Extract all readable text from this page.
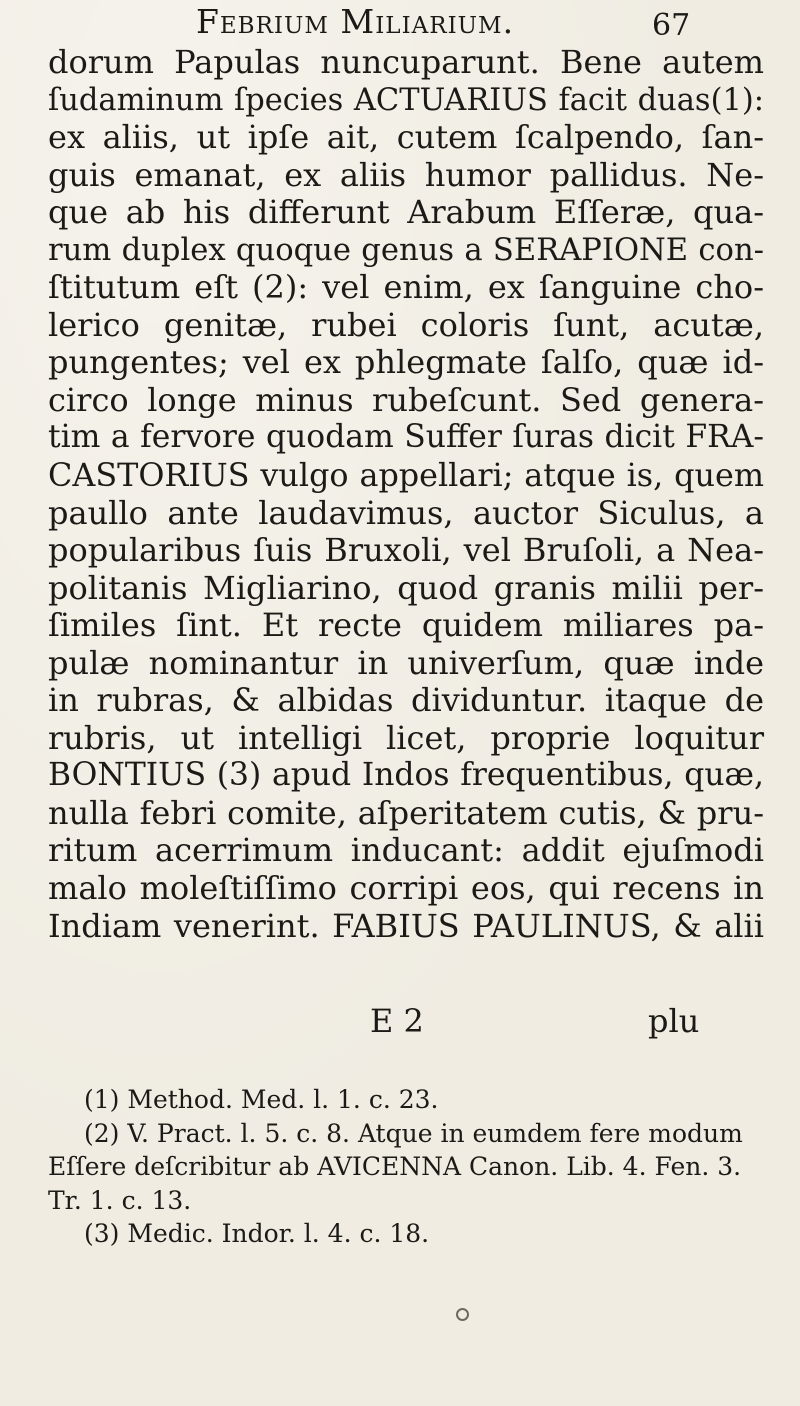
Febrium Miliarium.	67
dorum Papulas nuncuparunt. Bene autem
ſudaminum ſpecies ACTUARIUS facit duas(1):
ex aliis, ut ipſe ait, cutem ſcalpendo, ſan-
guis emanat, ex aliis humor pallidus. Ne-
que ab his differunt Arabum Eſſeræ, qua-
rum duplex quoque genus a SERAPIONE con-
ſtitutum eſt (2): vel enim, ex ſanguine cho-
lerico genitæ, rubei coloris ſunt, acutæ,
pungentes; vel ex phlegmate ſalſo, quæ id-
circo longe minus rubeſcunt. Sed genera-
tim a fervore quodam Suffer ſuras dicit FRA-
CASTORIUS vulgo appellari; atque is, quem
paullo ante laudavimus, auctor Siculus, a
popularibus ſuis Bruxoli, vel Bruſoli, a Nea-
politanis Migliarino, quod granis milii per-
ſimiles ſint. Et recte quidem miliares pa-
pulæ nominantur in univerſum, quæ inde
in rubras, & albidas dividuntur. itaque de
rubris, ut intelligi licet, proprie loquitur
BONTIUS (3) apud Indos frequentibus, quæ,
nulla febri comite, aſperitatem cutis, & pru-
ritum acerrimum inducant: addit ejuſmodi
malo moleſtiſſimo corripi eos, qui recens in
Indiam venerint. FABIUS PAULINUS, & alii
E 2	plu
(1) Method. Med. l. 1. c. 23.
(2) V. Pract. l. 5. c. 8. Atque in eumdem fere modum
Eſſere deſcribitur ab AVICENNA Canon. Lib. 4. Fen. 3.
Tr. 1. c. 13.
(3) Medic. Indor. l. 4. c. 18.
